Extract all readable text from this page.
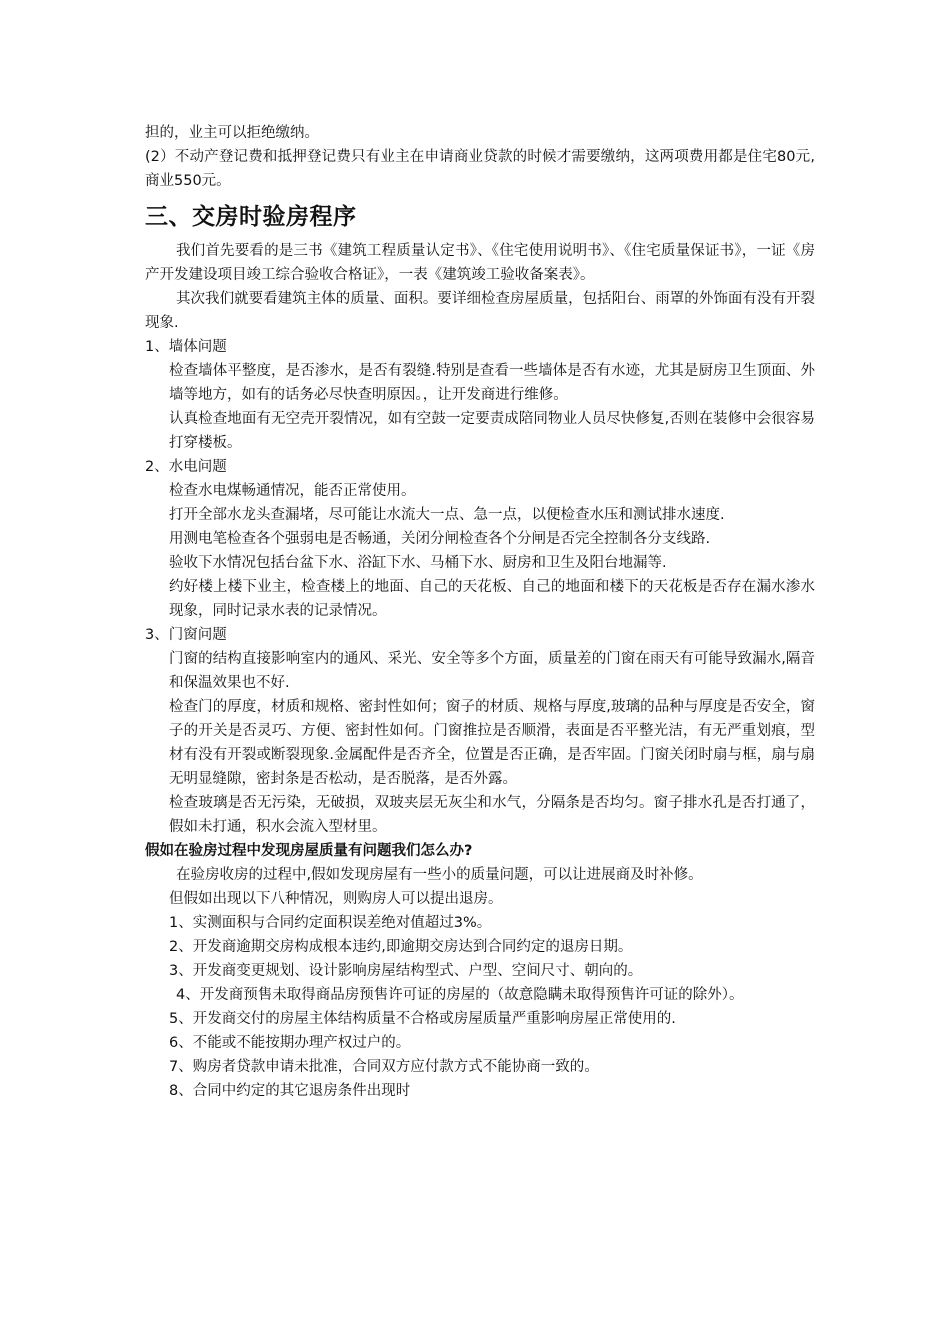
担的，业主可以拒绝缴纳。

(2）不动产登记费和抵押登记费只有业主在申请商业贷款的时候才需要缴纳，这两项费用都是住宅80元,商业550元。

三、交房时验房程序

我们首先要看的是三书《建筑工程质量认定书》、《住宅使用说明书》、《住宅质量保证书》，一证《房产开发建设项目竣工综合验收合格证》，一表《建筑竣工验收备案表》。

其次我们就要看建筑主体的质量、面积。要详细检查房屋质量，包括阳台、雨罩的外饰面有没有开裂现象.

1、墙体问题

检查墙体平整度，是否渗水，是否有裂缝.特别是查看一些墙体是否有水迹，尤其是厨房卫生顶面、外墙等地方，如有的话务必尽快查明原因。，让开发商进行维修。

认真检查地面有无空壳开裂情况，如有空鼓一定要责成陪同物业人员尽快修复,否则在装修中会很容易打穿楼板。

2、水电问题

检查水电煤畅通情况，能否正常使用。

打开全部水龙头查漏堵，尽可能让水流大一点、急一点，以便检查水压和测试排水速度.

用测电笔检查各个强弱电是否畅通，关闭分闸检查各个分闸是否完全控制各分支线路.

验收下水情况包括台盆下水、浴缸下水、马桶下水、厨房和卫生及阳台地漏等.

约好楼上楼下业主，检查楼上的地面、自己的天花板、自己的地面和楼下的天花板是否存在漏水渗水现象，同时记录水表的记录情况。

3、门窗问题

门窗的结构直接影响室内的通风、采光、安全等多个方面，质量差的门窗在雨天有可能导致漏水,隔音和保温效果也不好.

检查门的厚度，材质和规格、密封性如何；窗子的材质、规格与厚度,玻璃的品种与厚度是否安全，窗子的开关是否灵巧、方便、密封性如何。门窗推拉是否顺滑，表面是否平整光洁，有无严重划痕，型材有没有开裂或断裂现象.金属配件是否齐全，位置是否正确，是否牢固。门窗关闭时扇与框，扇与扇无明显缝隙，密封条是否松动，是否脱落，是否外露。

检查玻璃是否无污染，无破损，双玻夹层无灰尘和水气，分隔条是否均匀。窗子排水孔是否打通了，假如未打通，积水会流入型材里。

假如在验房过程中发现房屋质量有问题我们怎么办?

在验房收房的过程中,假如发现房屋有一些小的质量问题，可以让进展商及时补修。

但假如出现以下八种情况，则购房人可以提出退房。

1、实测面积与合同约定面积误差绝对值超过3%。

2、开发商逾期交房构成根本违约,即逾期交房达到合同约定的退房日期。

3、开发商变更规划、设计影响房屋结构型式、户型、空间尺寸、朝向的。

4、开发商预售未取得商品房预售许可证的房屋的（故意隐瞒未取得预售许可证的除外）。

5、开发商交付的房屋主体结构质量不合格或房屋质量严重影响房屋正常使用的.

6、不能或不能按期办理产权过户的。

7、购房者贷款申请未批准，合同双方应付款方式不能协商一致的。

8、合同中约定的其它退房条件出现时
